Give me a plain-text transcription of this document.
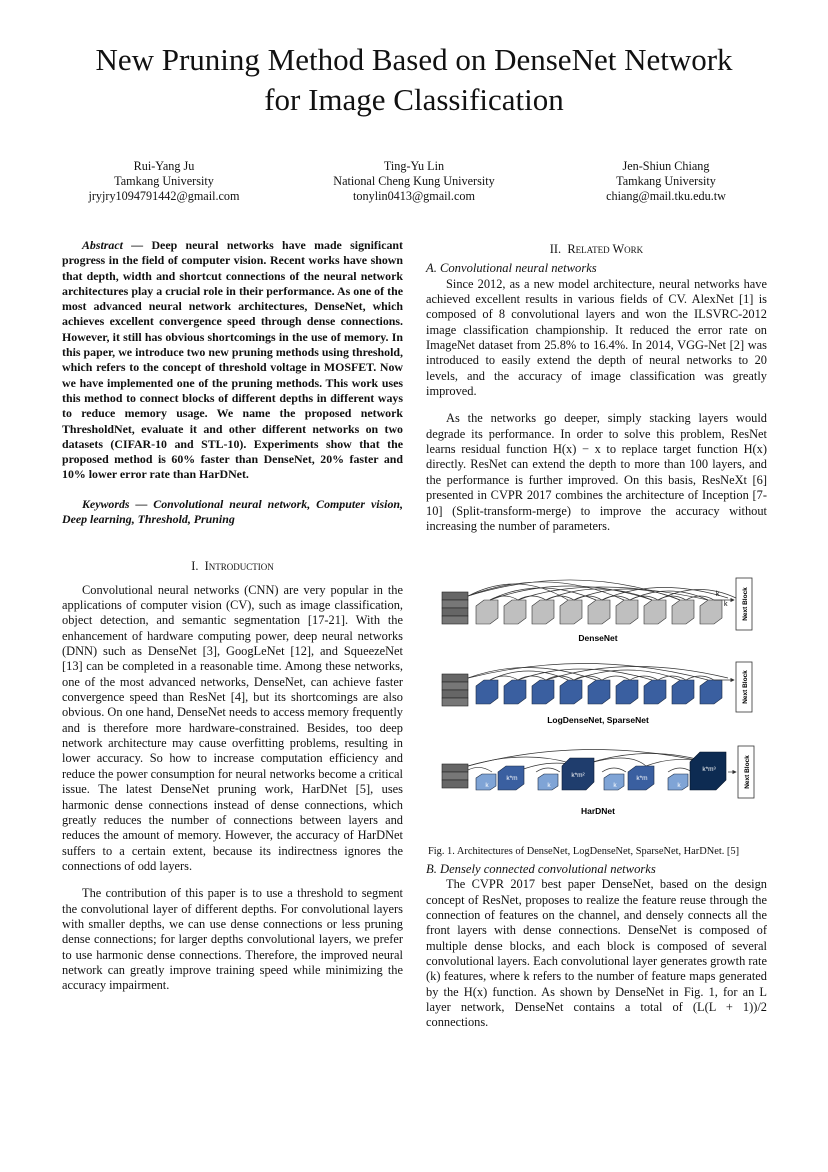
New Pruning Method Based on DenseNet Network
for Image Classification
Rui-Yang Ju
Tamkang University
jryjry1094791442@gmail.com
Ting-Yu Lin
National Cheng Kung University
tonylin0413@gmail.com
Jen-Shiun Chiang
Tamkang University
chiang@mail.tku.edu.tw

Abstract — Deep neural networks have made significant progress in the field of computer vision. Recent works have shown that depth, width and shortcut connections of the neural network architectures play a crucial role in their performance. As one of the most advanced neural network architectures, DenseNet, which achieves excellent convergence speed through dense connections. However, it still has obvious shortcomings in the use of memory. In this paper, we introduce two new pruning methods using threshold, which refers to the concept of threshold voltage in MOSFET. Now we have implemented one of the pruning methods. This work uses this method to connect blocks of different depths in different ways to reduce memory usage. We name the proposed network ThresholdNet, evaluate it and other different networks on two datasets (CIFAR-10 and STL-10). Experiments show that the proposed method is 60% faster than DenseNet, 20% faster and 10% lower error rate than HarDNet.

Keywords — Convolutional neural network, Computer vision, Deep learning, Threshold, Pruning

I. Introduction

Convolutional neural networks (CNN) are very popular in the applications of computer vision (CV), such as image classification, object detection, and semantic segmentation [17-21]. With the enhancement of hardware computing power, deep neural networks (DNN) such as DenseNet [3], GoogLeNet [12], and SqueezeNet [13] can be completed in a reasonable time. Among these networks, one of the most advanced networks, DenseNet, can achieve faster convergence speed than ResNet [4], but its shortcomings are also obvious. On one hand, DenseNet needs to access memory frequently and is therefore more hardware-constrained. Besides, too deep network architecture may cause overfitting problems, resulting in lower accuracy. So how to increase computation efficiency and reduce the power consumption for neural networks become a critical issue. The latest DenseNet pruning work, HarDNet [5], uses harmonic dense connections instead of dense connections, which greatly reduces the number of connections between layers and reduces the amount of memory. However, the accuracy of HarDNet suffers to a certain extent, because its indirectness ignores the connections of odd layers.

The contribution of this paper is to use a threshold to segment the convolutional layer of different depths. For convolutional layers with smaller depths, we can use dense connections or less pruning dense connections; for larger depths convolutional layers, we prefer to use harmonic dense connections. Therefore, the improved neural network can greatly improve training speed while minimizing the accuracy impairment.

II. Related Work

A. Convolutional neural networks

Since 2012, as a new model architecture, neural networks have achieved excellent results in various fields of CV. AlexNet [1] is composed of 8 convolutional layers and won the ILSVRC-2012 image classification championship. It reduced the error rate on ImageNet dataset from 25.8% to 16.4%. In 2014, VGG-Net [2] was introduced to easily extend the depth of neural networks to 20 levels, and the accuracy of image classification was greatly improved.

As the networks go deeper, simply stacking layers would degrade its performance. In order to solve this problem, ResNet learns residual function H(x) − x to replace target function H(x) directly. ResNet can extend the depth to more than 100 layers, and the performance is further improved. On this basis, ResNeXt [6] presented in CVPR 2017 combines the architecture of Inception [7-10] (Split-transform-merge) to improve the accuracy without increasing the number of parameters.

k
k Next Block
DenseNet
Next Block
LogDenseNet, SparseNet
k
k*m
k
k*m²
k
k*m
k
k*m³	Next Block
HarDNet

Fig. 1. Architectures of DenseNet, LogDenseNet, SparseNet, HarDNet. [5]

B. Densely connected convolutional networks

The CVPR 2017 best paper DenseNet, based on the design concept of ResNet, proposes to realize the feature reuse through the connection of features on the channel, and densely connects all the front layers with dense connections. DenseNet is composed of multiple dense blocks, and each block is composed of several convolutional layers. Each convolutional layer generates growth rate (k) features, where k refers to the number of feature maps generated by the H(x) function. As shown by DenseNet in Fig. 1, for an L layer network, DenseNet contains a total of (L(L + 1))/2 connections.
